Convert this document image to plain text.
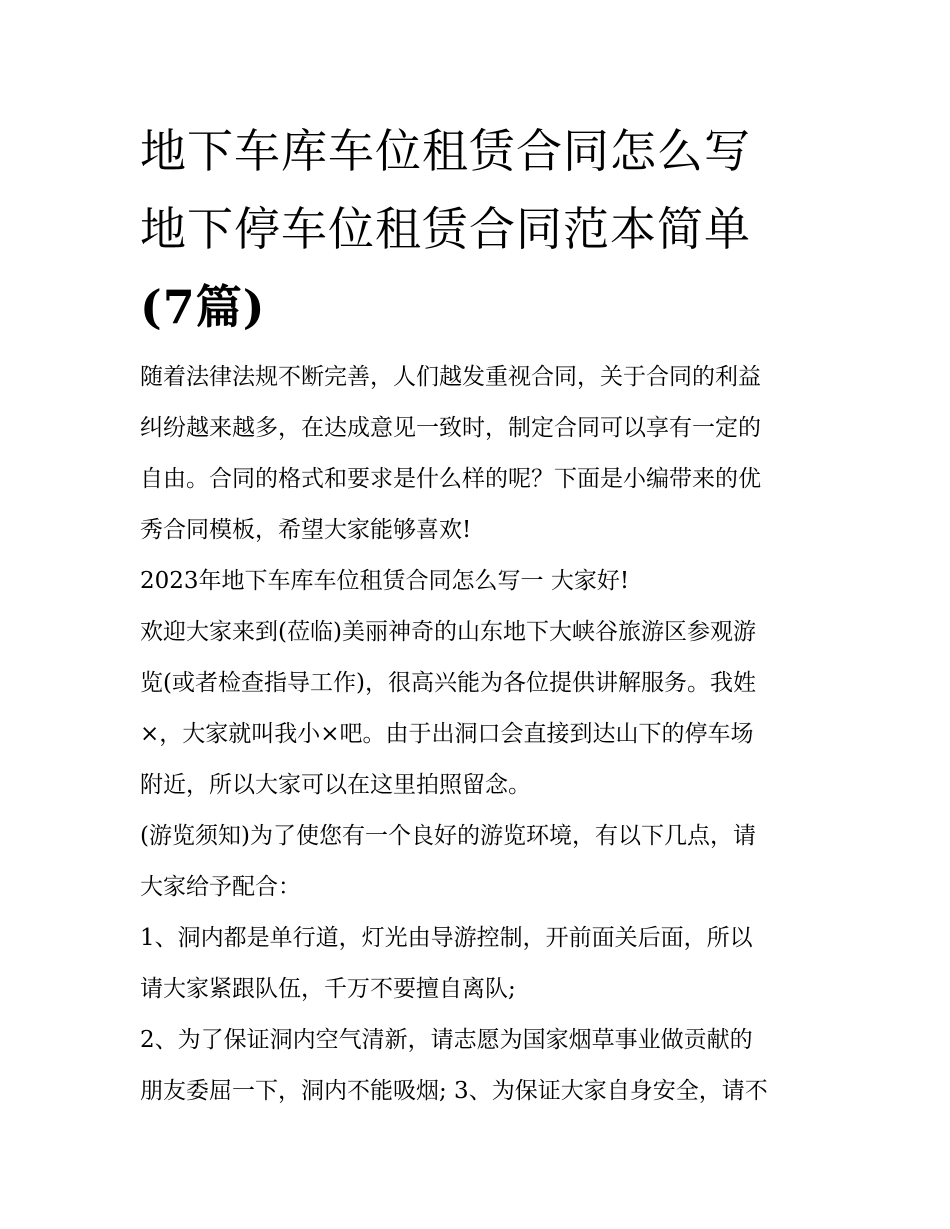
地下车库车位租赁合同怎么写
地下停车位租赁合同范本简单
(7篇)

随着法律法规不断完善，人们越发重视合同，关于合同的利益

纠纷越来越多，在达成意见一致时，制定合同可以享有一定的

自由。合同的格式和要求是什么样的呢？下面是小编带来的优

秀合同模板，希望大家能够喜欢!

2023年地下车库车位租赁合同怎么写一 大家好!

欢迎大家来到(莅临)美丽神奇的山东地下大峡谷旅游区参观游

览(或者检查指导工作)，很高兴能为各位提供讲解服务。我姓

×，大家就叫我小×吧。由于出洞口会直接到达山下的停车场

附近，所以大家可以在这里拍照留念。

(游览须知)为了使您有一个良好的游览环境，有以下几点，请

大家给予配合：

1、洞内都是单行道，灯光由导游控制，开前面关后面，所以

请大家紧跟队伍，千万不要擅自离队;

2、为了保证洞内空气清新，请志愿为国家烟草事业做贡献的

朋友委屈一下，洞内不能吸烟; 3、为保证大家自身安全，请不
